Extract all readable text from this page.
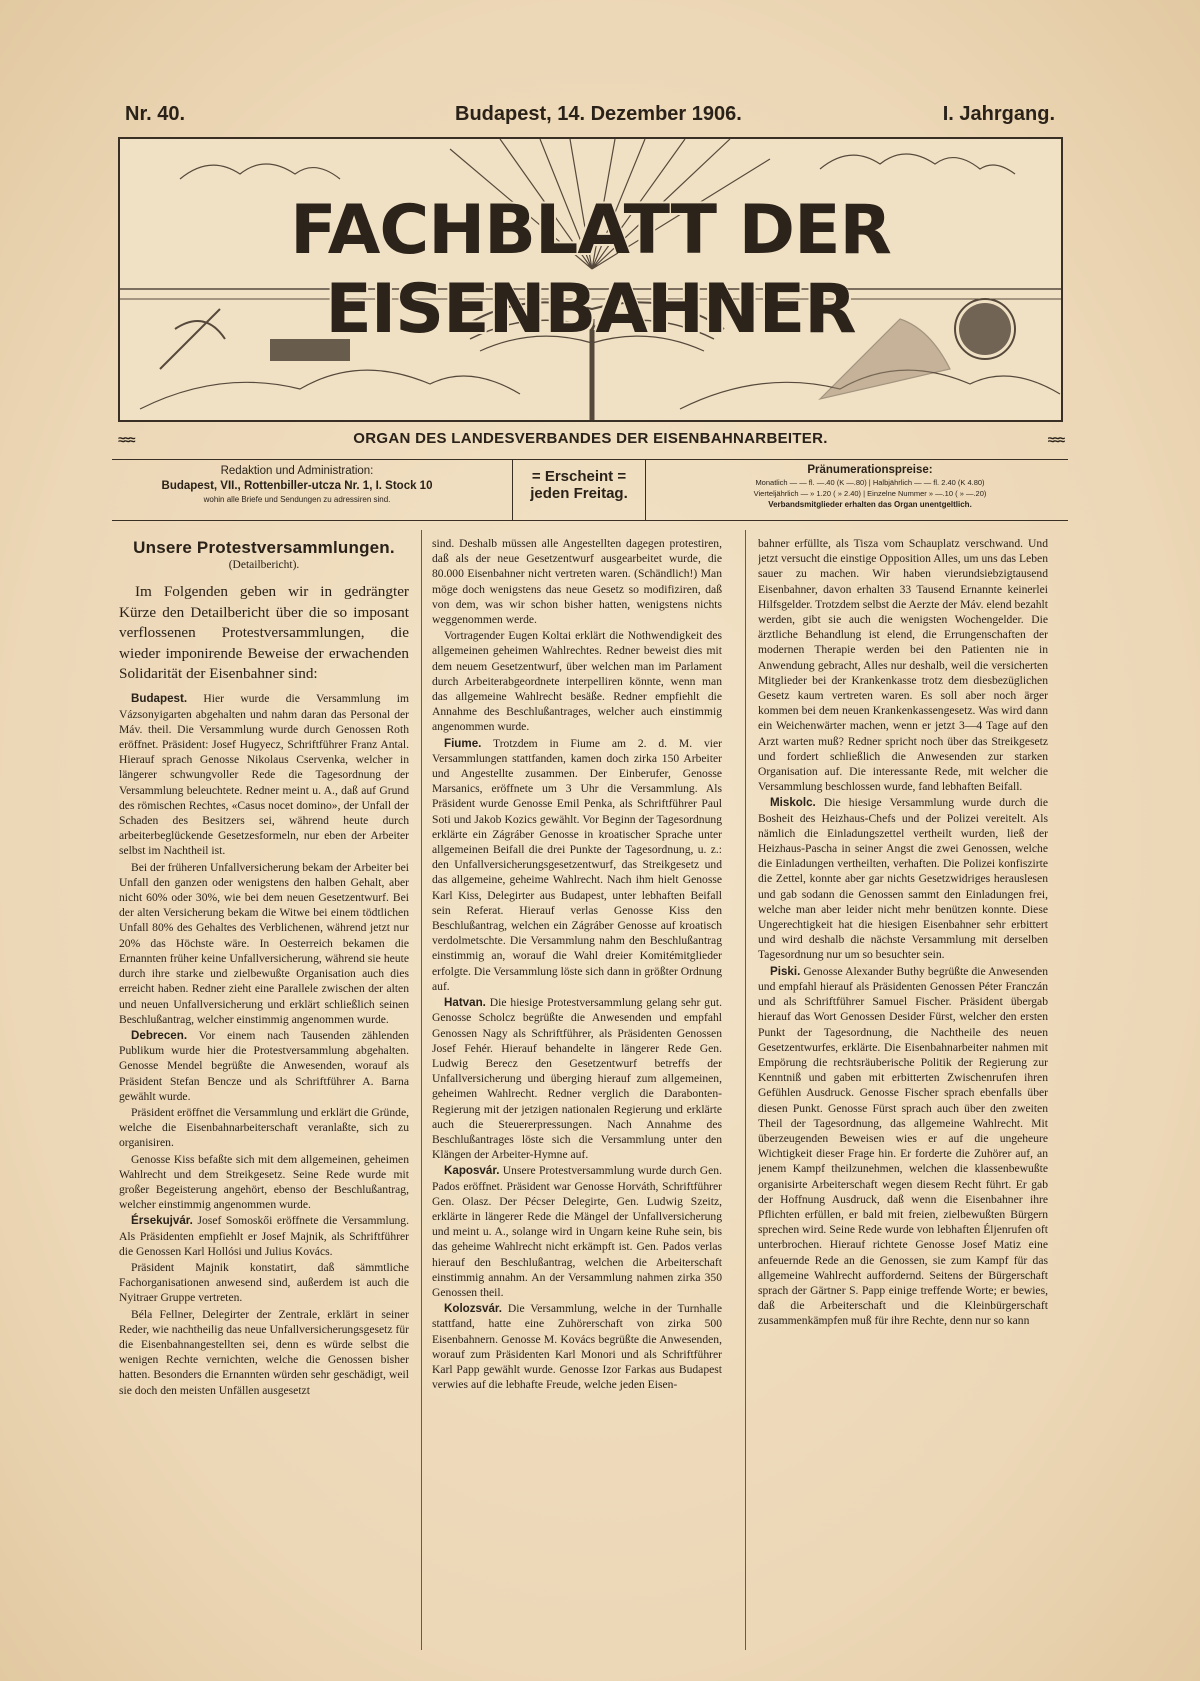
Nr. 40.	Budapest, 14. Dezember 1906.	I. Jahrgang.
FACHBLATT DER EISENBAHNER
≈≈≈	ORGAN DES LANDESVERBANDES DER EISENBAHNARBEITER.	≈≈≈
Redaktion und Administration:
Budapest, VII., Rottenbiller-utcza Nr. 1, I. Stock 10
wohin alle Briefe und Sendungen zu adressiren sind.
= Erscheint =
jeden Freitag.
Pränumerationspreise:
Monatlich — — fl. —.40 (K —.80) | Halbjährlich — — fl. 2.40 (K 4.80)
Vierteljährlich — » 1.20 ( » 2.40) | Einzelne Nummer » —.10 ( » —.20)
Verbandsmitglieder erhalten das Organ unentgeltlich.
Unsere Protestversammlungen.
(Detailbericht).

Im Folgenden geben wir in gedrängter Kürze den Detailbericht über die so imposant verflossenen Protestversammlungen, die wieder imponirende Beweise der erwachenden Solidarität der Eisenbahner sind:

Budapest. Hier wurde die Versammlung im Vázsonyigarten abgehalten und nahm daran das Personal der Máv. theil. Die Versammlung wurde durch Genossen Roth eröffnet. Präsident: Josef Hugyecz, Schriftführer Franz Antal. Hierauf sprach Genosse Nikolaus Cservenka, welcher in längerer schwungvoller Rede die Tagesordnung der Versammlung beleuchtete. Redner meint u. A., daß auf Grund des römischen Rechtes, «Casus nocet domino», der Unfall der Schaden des Besitzers sei, während heute durch arbeiterbeglückende Gesetzesformeln, nur eben der Arbeiter selbst im Nachtheil ist.

Bei der früheren Unfallversicherung bekam der Arbeiter bei Unfall den ganzen oder wenigstens den halben Gehalt, aber nicht 60% oder 30%, wie bei dem neuen Gesetzentwurf. Bei der alten Versicherung bekam die Witwe bei einem tödtlichen Unfall 80% des Gehaltes des Verblichenen, während jetzt nur 20% das Höchste wäre. In Oesterreich bekamen die Ernannten früher keine Unfallversicherung, während sie heute durch ihre starke und zielbewußte Organisation auch dies erreicht haben. Redner zieht eine Parallele zwischen der alten und neuen Unfallversicherung und erklärt schließlich seinen Beschlußantrag, welcher einstimmig angenommen wurde.

Debrecen. Vor einem nach Tausenden zählenden Publikum wurde hier die Protestversammlung abgehalten. Genosse Mendel begrüßte die Anwesenden, worauf als Präsident Stefan Bencze und als Schriftführer A. Barna gewählt wurde.

Präsident eröffnet die Versammlung und erklärt die Gründe, welche die Eisenbahnarbeiterschaft veranlaßte, sich zu organisiren.

Genosse Kiss befaßte sich mit dem allgemeinen, geheimen Wahlrecht und dem Streikgesetz. Seine Rede wurde mit großer Begeisterung angehört, ebenso der Beschlußantrag, welcher einstimmig angenommen wurde.

Érsekujvár. Josef Somoskői eröffnete die Versammlung. Als Präsidenten empfiehlt er Josef Majnik, als Schriftführer die Genossen Karl Hollósi und Julius Kovács.

Präsident Majnik konstatirt, daß sämmtliche Fachorganisationen anwesend sind, außerdem ist auch die Nyitraer Gruppe vertreten.

Béla Fellner, Delegirter der Zentrale, erklärt in seiner Reder, wie nachtheilig das neue Unfallversicherungsgesetz für die Eisenbahnangestellten sei, denn es würde selbst die wenigen Rechte vernichten, welche die Genossen bisher hatten. Besonders die Ernannten würden sehr geschädigt, weil sie doch den meisten Unfällen ausgesetzt

sind. Deshalb müssen alle Angestellten dagegen protestiren, daß als der neue Gesetzentwurf ausgearbeitet wurde, die 80.000 Eisenbahner nicht vertreten waren. (Schändlich!) Man möge doch wenigstens das neue Gesetz so modifiziren, daß von dem, was wir schon bisher hatten, wenigstens nichts weggenommen werde.

Vortragender Eugen Koltai erklärt die Nothwendigkeit des allgemeinen geheimen Wahlrechtes. Redner beweist dies mit dem neuem Gesetzentwurf, über welchen man im Parlament durch Arbeiterabgeordnete interpelliren könnte, wenn man das allgemeine Wahlrecht besäße. Redner empfiehlt die Annahme des Beschlußantrages, welcher auch einstimmig angenommen wurde.

Fiume. Trotzdem in Fiume am 2. d. M. vier Versammlungen stattfanden, kamen doch zirka 150 Arbeiter und Angestellte zusammen. Der Einberufer, Genosse Marsanics, eröffnete um 3 Uhr die Versammlung. Als Präsident wurde Genosse Emil Penka, als Schriftführer Paul Soti und Jakob Kozics gewählt. Vor Beginn der Tagesordnung erklärte ein Zágráber Genosse in kroatischer Sprache unter allgemeinen Beifall die drei Punkte der Tagesordnung, u. z.: den Unfallversicherungsgesetzentwurf, das Streikgesetz und das allgemeine, geheime Wahlrecht. Nach ihm hielt Genosse Karl Kiss, Delegirter aus Budapest, unter lebhaften Beifall sein Referat. Hierauf verlas Genosse Kiss den Beschlußantrag, welchen ein Zágráber Genosse auf kroatisch verdolmetschte. Die Versammlung nahm den Beschlußantrag einstimmig an, worauf die Wahl dreier Komitémitglieder erfolgte. Die Versammlung löste sich dann in größter Ordnung auf.

Hatvan. Die hiesige Protestversammlung gelang sehr gut. Genosse Scholcz begrüßte die Anwesenden und empfahl Genossen Nagy als Schriftführer, als Präsidenten Genossen Josef Fehér. Hierauf behandelte in längerer Rede Gen. Ludwig Berecz den Gesetzentwurf betreffs der Unfallversicherung und überging hierauf zum allgemeinen, geheimen Wahlrecht. Redner verglich die Darabonten-Regierung mit der jetzigen nationalen Regierung und erklärte auch die Steuererpressungen. Nach Annahme des Beschlußantrages löste sich die Versammlung unter den Klängen der Arbeiter-Hymne auf.

Kaposvár. Unsere Protestversammlung wurde durch Gen. Pados eröffnet. Präsident war Genosse Horváth, Schriftführer Gen. Olasz. Der Pécser Delegirte, Gen. Ludwig Szeitz, erklärte in längerer Rede die Mängel der Unfallversicherung und meint u. A., solange wird in Ungarn keine Ruhe sein, bis das geheime Wahlrecht nicht erkämpft ist. Gen. Pados verlas hierauf den Beschlußantrag, welchen die Arbeiterschaft einstimmig annahm. An der Versammlung nahmen zirka 350 Genossen theil.

Kolozsvár. Die Versammlung, welche in der Turnhalle stattfand, hatte eine Zuhörerschaft von zirka 500 Eisenbahnern. Genosse M. Kovács begrüßte die Anwesenden, worauf zum Präsidenten Karl Monori und als Schriftführer Karl Papp gewählt wurde. Genosse Izor Farkas aus Budapest verwies auf die lebhafte Freude, welche jeden Eisen-

bahner erfüllte, als Tisza vom Schauplatz verschwand. Und jetzt versucht die einstige Opposition Alles, um uns das Leben sauer zu machen. Wir haben vierundsiebzigtausend Eisenbahner, davon erhalten 33 Tausend Ernannte keinerlei Hilfsgelder. Trotzdem selbst die Aerzte der Máv. elend bezahlt werden, gibt sie auch die wenigsten Wochengelder. Die ärztliche Behandlung ist elend, die Errungenschaften der modernen Therapie werden bei den Patienten nie in Anwendung gebracht, Alles nur deshalb, weil die versicherten Mitglieder bei der Krankenkasse trotz dem diesbezüglichen Gesetz kaum vertreten waren. Es soll aber noch ärger kommen bei dem neuen Krankenkassengesetz. Was wird dann ein Weichenwärter machen, wenn er jetzt 3—4 Tage auf den Arzt warten muß? Redner spricht noch über das Streikgesetz und fordert schließlich die Anwesenden zur starken Organisation auf. Die interessante Rede, mit welcher die Versammlung beschlossen wurde, fand lebhaften Beifall.

Miskolc. Die hiesige Versammlung wurde durch die Bosheit des Heizhaus-Chefs und der Polizei vereitelt. Als nämlich die Einladungszettel vertheilt wurden, ließ der Heizhaus-Pascha in seiner Angst die zwei Genossen, welche die Einladungen vertheilten, verhaften. Die Polizei konfiszirte die Zettel, konnte aber gar nichts Gesetzwidriges herauslesen und gab sodann die Genossen sammt den Einladungen frei, welche man aber leider nicht mehr benützen konnte. Diese Ungerechtigkeit hat die hiesigen Eisenbahner sehr erbittert und wird deshalb die nächste Versammlung mit derselben Tagesordnung nur um so besuchter sein.

Piski. Genosse Alexander Buthy begrüßte die Anwesenden und empfahl hierauf als Präsidenten Genossen Péter Franczán und als Schriftführer Samuel Fischer. Präsident übergab hierauf das Wort Genossen Desider Fürst, welcher den ersten Punkt der Tagesordnung, die Nachtheile des neuen Gesetzentwurfes, erklärte. Die Eisenbahnarbeiter nahmen mit Empörung die rechtsräuberische Politik der Regierung zur Kenntniß und gaben mit erbitterten Zwischenrufen ihren Gefühlen Ausdruck. Genosse Fischer sprach ebenfalls über diesen Punkt. Genosse Fürst sprach auch über den zweiten Theil der Tagesordnung, das allgemeine Wahlrecht. Mit überzeugenden Beweisen wies er auf die ungeheure Wichtigkeit dieser Frage hin. Er forderte die Zuhörer auf, an jenem Kampf theilzunehmen, welchen die klassenbewußte organisirte Arbeiterschaft wegen diesem Recht führt. Er gab der Hoffnung Ausdruck, daß wenn die Eisenbahner ihre Pflichten erfüllen, er bald mit freien, zielbewußten Bürgern sprechen wird. Seine Rede wurde von lebhaften Éljenrufen oft unterbrochen. Hierauf richtete Genosse Josef Matiz eine anfeuernde Rede an die Genossen, sie zum Kampf für das allgemeine Wahlrecht auffordernd. Seitens der Bürgerschaft sprach der Gärtner S. Papp einige treffende Worte; er bewies, daß die Arbeiterschaft und die Kleinbürgerschaft zusammenkämpfen muß für ihre Rechte, denn nur so kann
